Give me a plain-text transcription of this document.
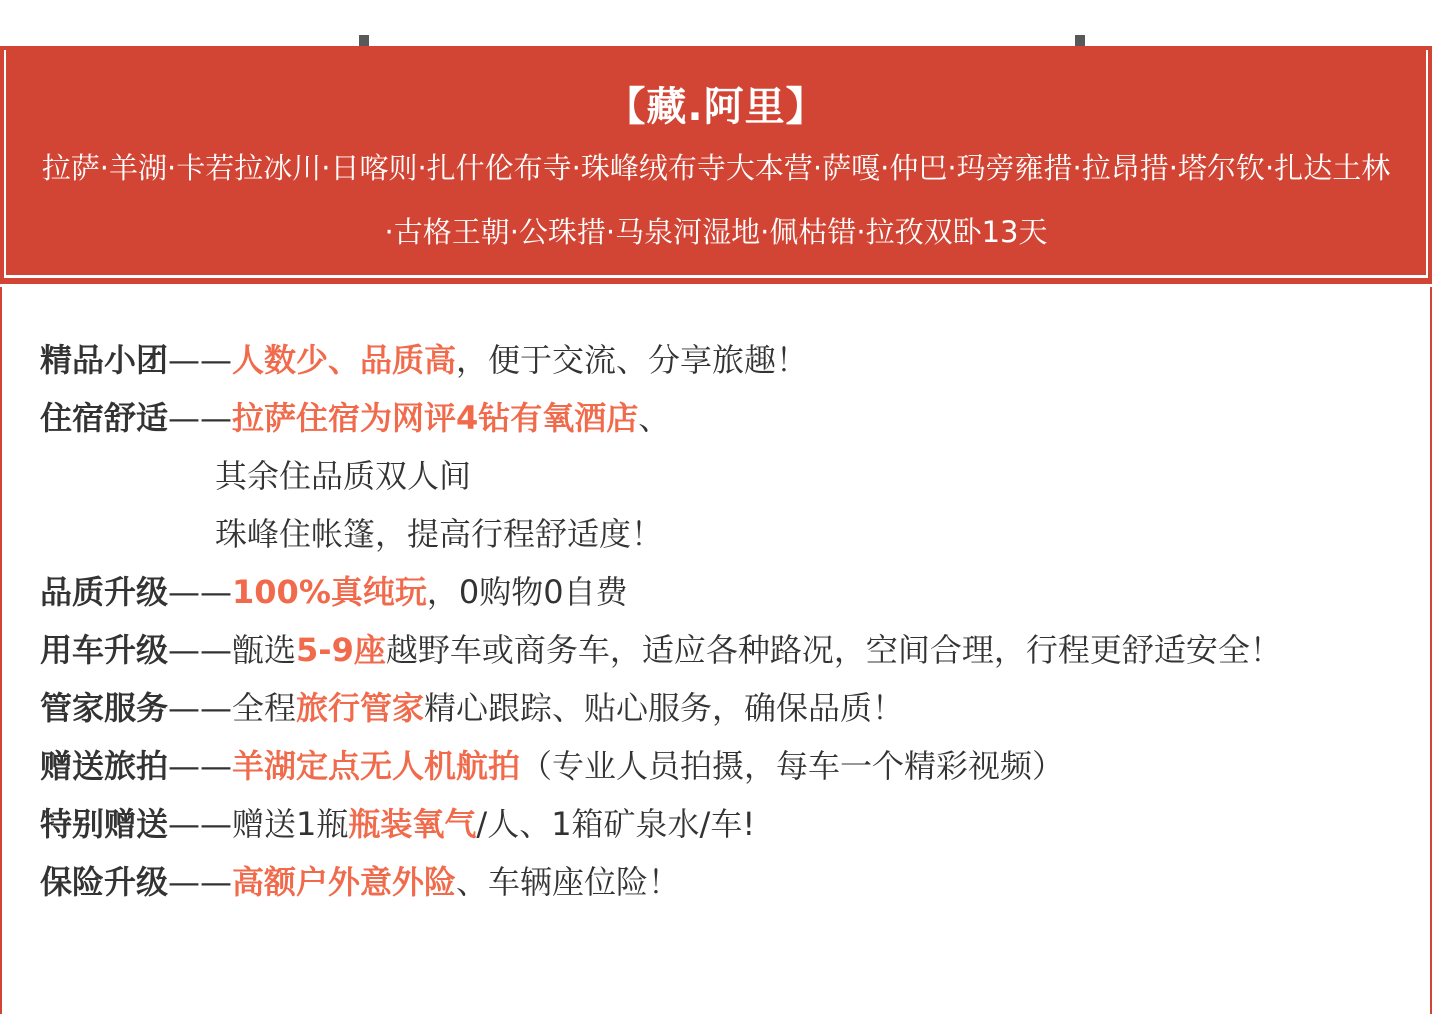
【藏.阿里】
拉萨·羊湖·卡若拉冰川·日喀则·扎什伦布寺·珠峰绒布寺大本营·萨嘎·仲巴·玛旁雍措·拉昂措·塔尔钦·扎达土林·古格王朝·公珠措·马泉河湿地·佩枯错·拉孜双卧13天
精品小团——人数少、品质高，便于交流、分享旅趣！
住宿舒适——拉萨住宿为网评4钻有氧酒店、
其余住品质双人间
珠峰住帐篷，提高行程舒适度！
品质升级——100%真纯玩，0购物0自费
用车升级——甑选5-9座越野车或商务车，适应各种路况，空间合理，行程更舒适安全！
管家服务——全程旅行管家精心跟踪、贴心服务，确保品质！
赠送旅拍——羊湖定点无人机航拍（专业人员拍摄，每车一个精彩视频）
特别赠送——赠送1瓶瓶装氧气/人、1箱矿泉水/车!
保险升级——高额户外意外险、车辆座位险！
